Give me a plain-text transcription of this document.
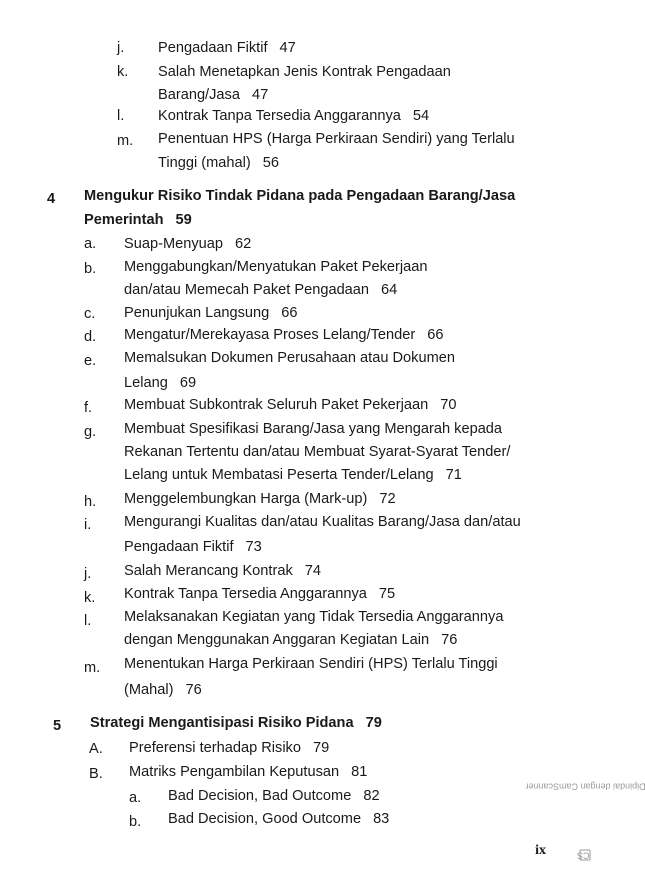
j. Pengadaan Fiktif 47
k. Salah Menetapkan Jenis Kontrak Pengadaan
Barang/Jasa 47
l. Kontrak Tanpa Tersedia Anggarannya 54
m. Penentuan HPS (Harga Perkiraan Sendiri) yang Terlalu
Tinggi (mahal) 56
4 Mengukur Risiko Tindak Pidana pada Pengadaan Barang/Jasa
Pemerintah 59
a. Suap-Menyuap 62
b. Menggabungkan/Menyatukan Paket Pekerjaan
dan/atau Memecah Paket Pengadaan 64
c. Penunjukan Langsung 66
d. Mengatur/Merekayasa Proses Lelang/Tender 66
e. Memalsukan Dokumen Perusahaan atau Dokumen
Lelang 69
f. Membuat Subkontrak Seluruh Paket Pekerjaan 70
g. Membuat Spesifikasi Barang/Jasa yang Mengarah kepada
Rekanan Tertentu dan/atau Membuat Syarat-Syarat Tender/
Lelang untuk Membatasi Peserta Tender/Lelang 71
h. Menggelembungkan Harga (Mark-up) 72
i. Mengurangi Kualitas dan/atau Kualitas Barang/Jasa dan/atau
Pengadaan Fiktif 73
j. Salah Merancang Kontrak 74
k. Kontrak Tanpa Tersedia Anggarannya 75
l. Melaksanakan Kegiatan yang Tidak Tersedia Anggarannya
dengan Menggunakan Anggaran Kegiatan Lain 76
m. Menentukan Harga Perkiraan Sendiri (HPS) Terlalu Tinggi
(Mahal) 76
5 Strategi Mengantisipasi Risiko Pidana 79
A. Preferensi terhadap Risiko 79
B. Matriks Pengambilan Keputusan 81
a. Bad Decision, Bad Outcome 82
b. Bad Decision, Good Outcome 83
ix	CS
Dipindai dengan CamScanner
